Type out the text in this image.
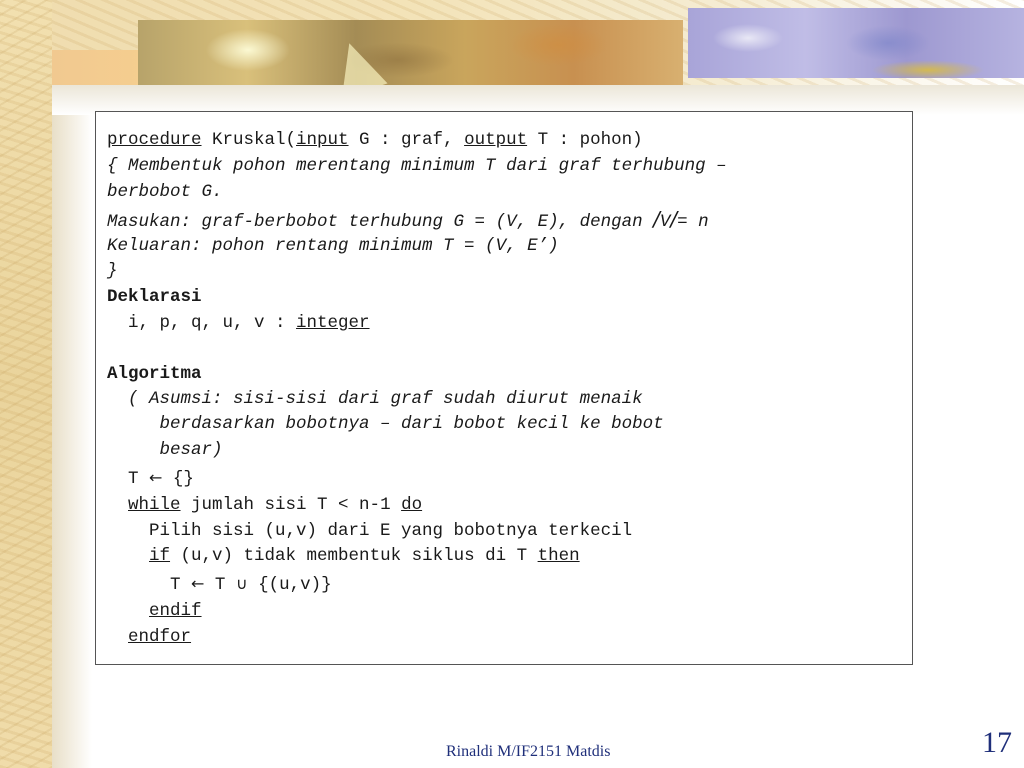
procedure Kruskal(input G : graf, output T : pohon)
{ Membentuk pohon merentang minimum T dari graf terhubung –
berbobot G.
Masukan: graf-berbobot terhubung G = (V, E), dengan /V/= n
Keluaran: pohon rentang minimum T = (V, E’)
}
Deklarasi
i, p, q, u, v : integer
Algoritma
( Asumsi: sisi-sisi dari graf sudah diurut menaik
berdasarkan bobotnya – dari bobot kecil ke bobot
besar)
T ← {}
while jumlah sisi T < n-1 do
Pilih sisi (u,v) dari E yang bobotnya terkecil
if (u,v) tidak membentuk siklus di T then
T ← T ∪ {(u,v)}
endif
endfor
Rinaldi M/IF2151 Matdis	17
